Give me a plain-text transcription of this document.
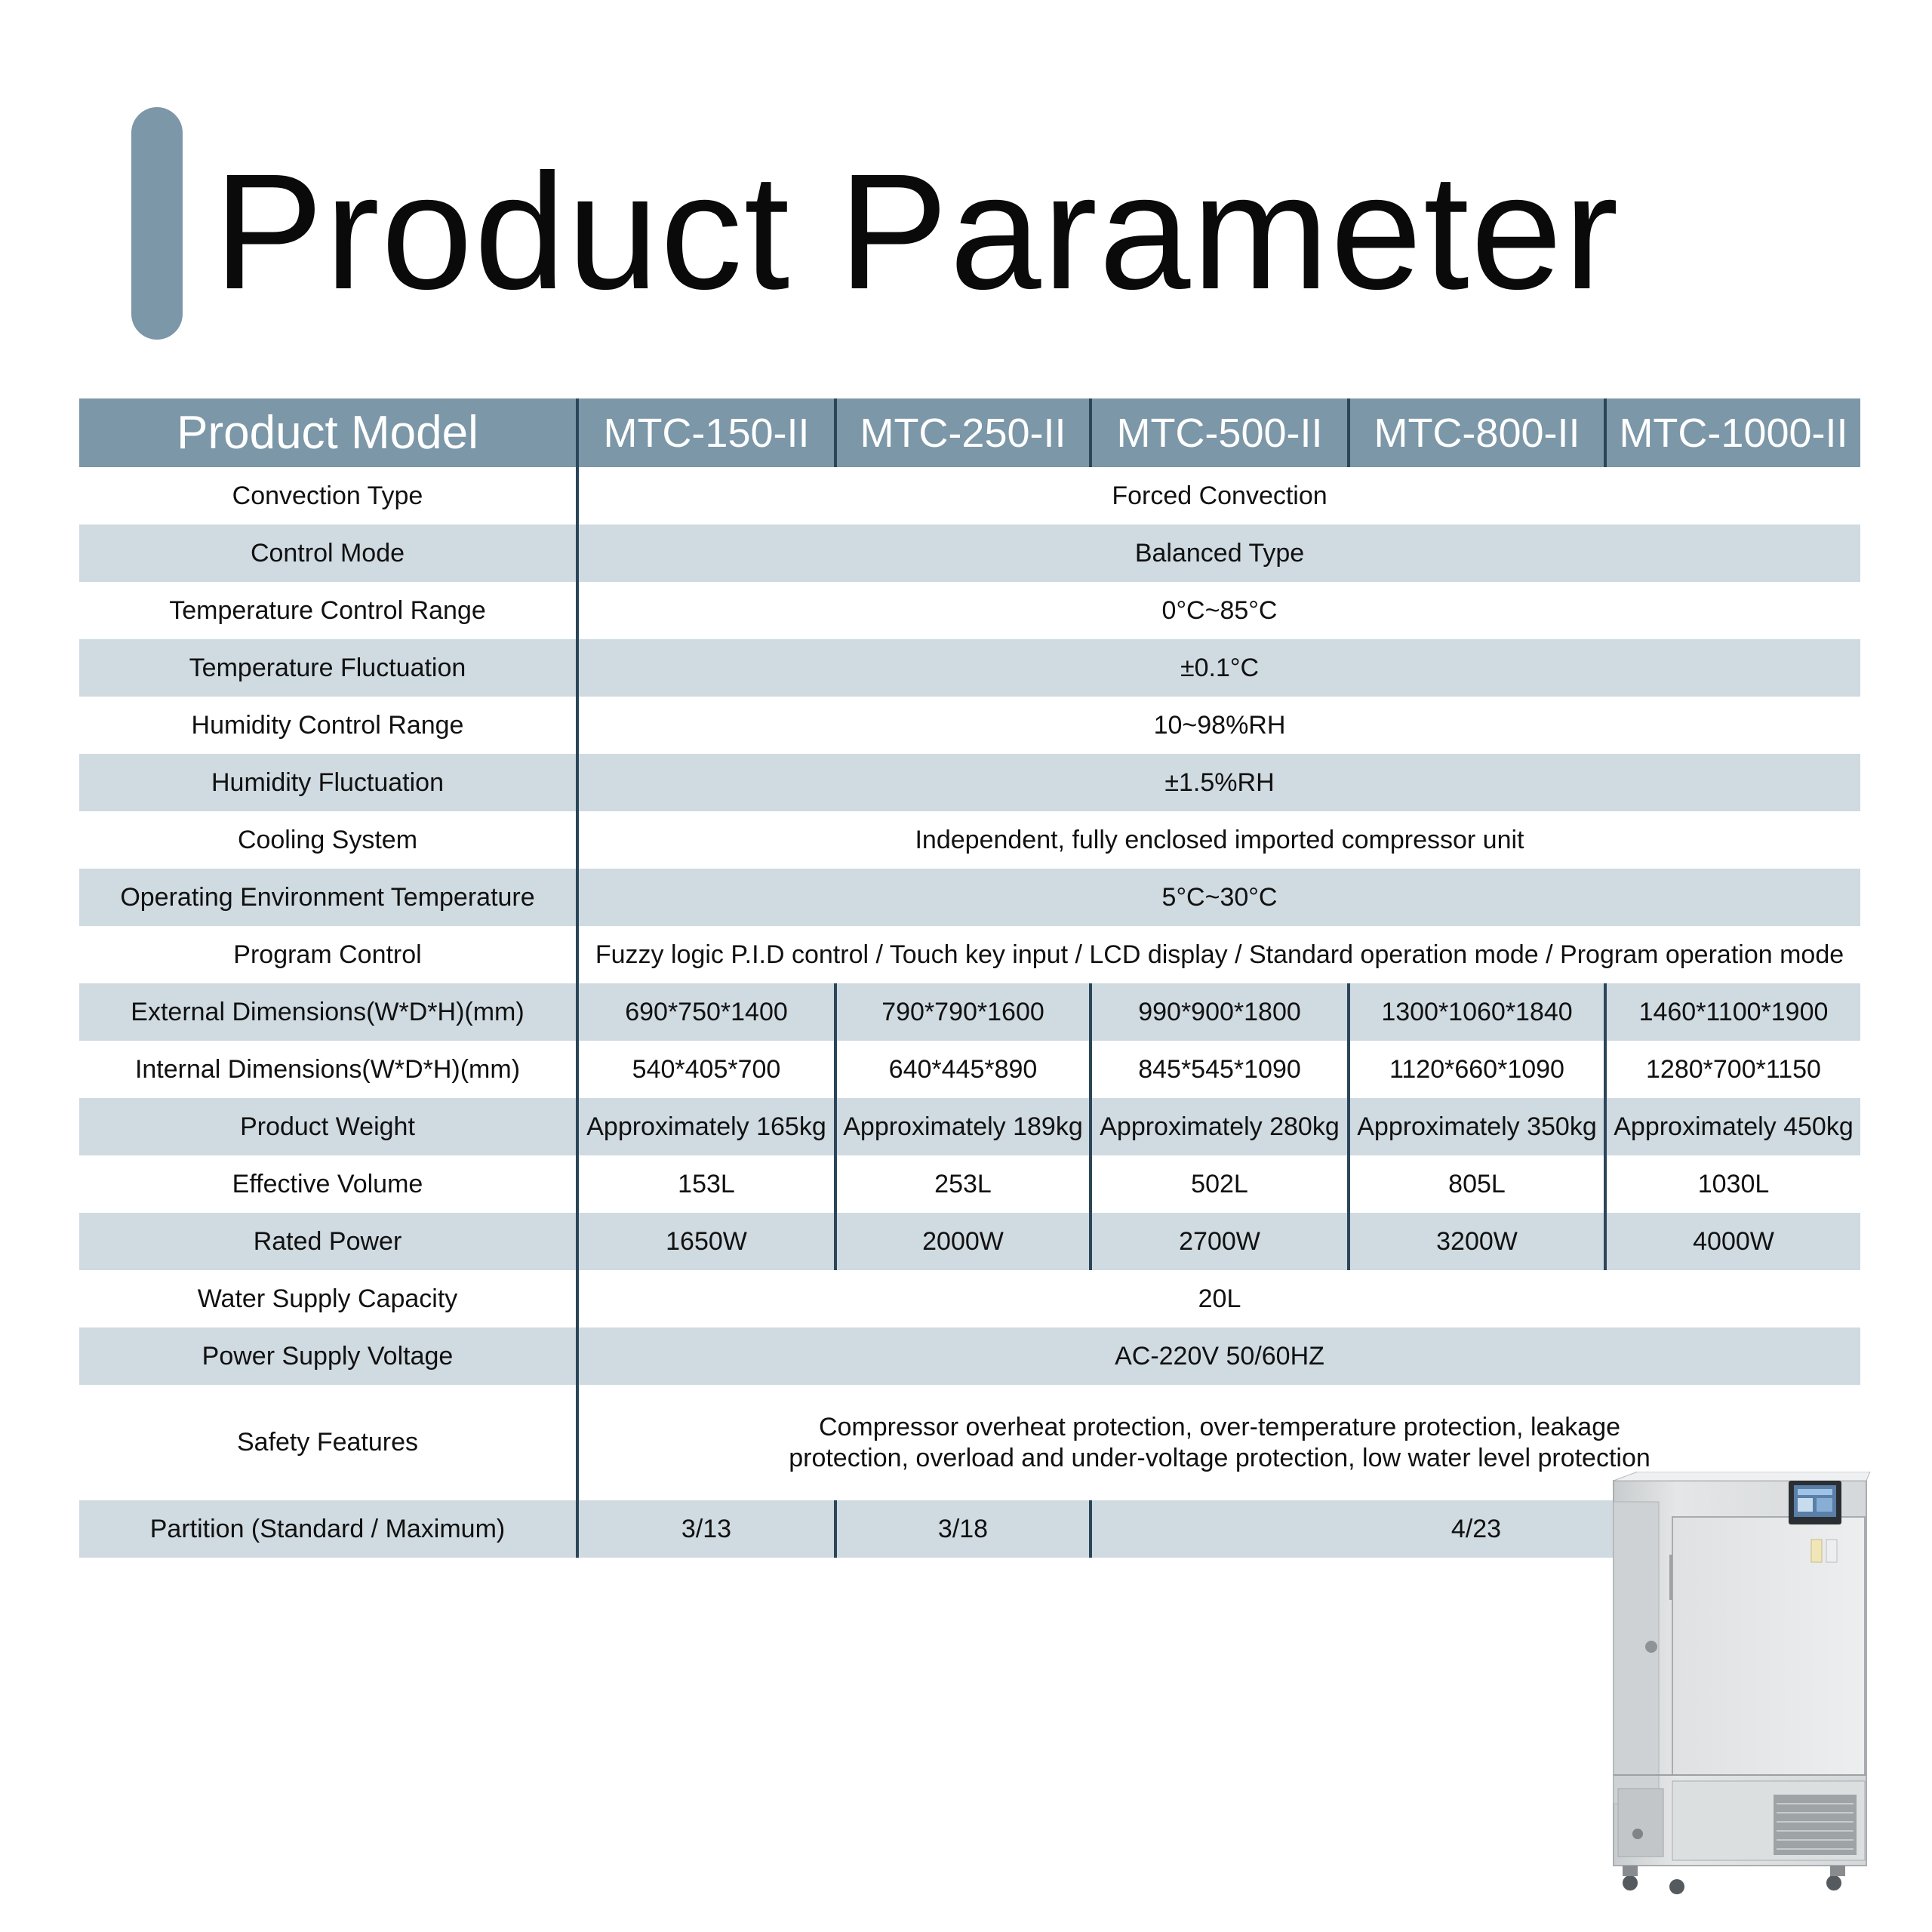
Product Parameter
Product Model	MTC-150-II	MTC-250-II	MTC-500-II	MTC-800-II	MTC-1000-II
Convection Type	Forced Convection				
Control Mode	Balanced Type				
Temperature Control Range	0°C~85°C				
Temperature Fluctuation	±0.1°C				
Humidity Control Range	10~98%RH				
Humidity Fluctuation	±1.5%RH				
Cooling System	Independent, fully enclosed imported compressor unit				
Operating Environment Temperature	5°C~30°C				
Program Control	Fuzzy logic P.I.D control / Touch key input / LCD display / Standard operation mode / Program operation mode				
External Dimensions(W*D*H)(mm)	690*750*1400	790*790*1600	990*900*1800	1300*1060*1840	1460*1100*1900
Internal Dimensions(W*D*H)(mm)	540*405*700	640*445*890	845*545*1090	1120*660*1090	1280*700*1150
Product Weight	Approximately 165kg	Approximately 189kg	Approximately 280kg	Approximately 350kg	Approximately 450kg
Effective Volume	153L	253L	502L	805L	1030L
Rated Power	1650W	2000W	2700W	3200W	4000W
Water Supply Capacity	20L				
Power Supply Voltage	AC-220V 50/60HZ				
Safety Features	Compressor overheat protection, over-temperature protection, leakage
protection, overload and under-voltage protection, low water level protection				

Partition (Standard / Maximum)	3/13	3/18	4/23		
